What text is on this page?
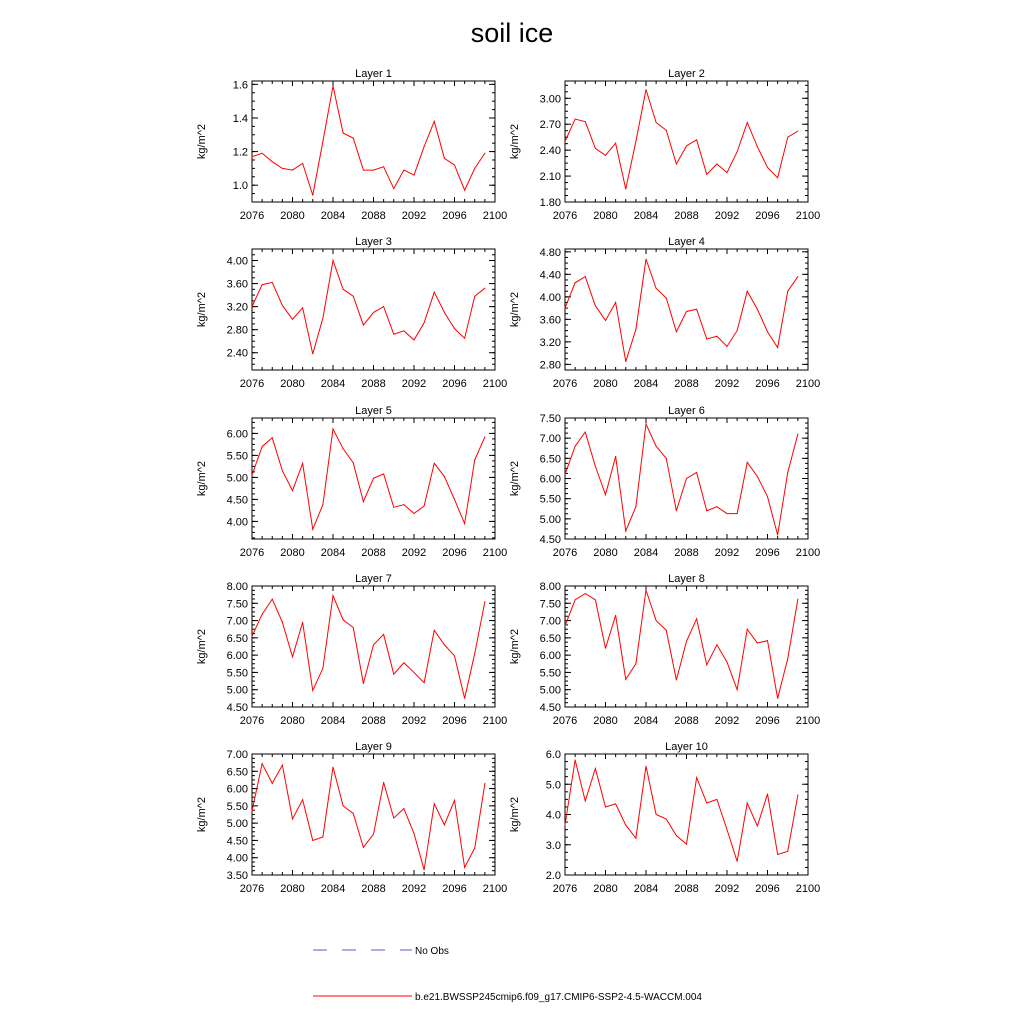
soil ice
Layer 1
kg/m^2
2076 2080 2084 2088 2092 2096 2100
1.0
1.2
1.4
1.6
Layer 2
kg/m^2
2076 2080 2084 2088 2092 2096 2100
1.80
2.10
2.40
2.70
3.00
Layer 3
kg/m^2
2076 2080 2084 2088 2092 2096 2100
2.40
2.80
3.20
3.60
4.00
Layer 4
kg/m^2
2076 2080 2084 2088 2092 2096 2100
2.80
3.20
3.60
4.00
4.40
4.80
Layer 5
kg/m^2
2076 2080 2084 2088 2092 2096 2100
4.00
4.50
5.00
5.50
6.00
Layer 6
kg/m^2
2076 2080 2084 2088 2092 2096 2100
4.50
5.00
5.50
6.00
6.50
7.00
7.50
Layer 7
kg/m^2
2076 2080 2084 2088 2092 2096 2100
4.50
5.00
5.50
6.00
6.50
7.00
7.50
8.00
Layer 8
kg/m^2
2076 2080 2084 2088 2092 2096 2100
4.50
5.00
5.50
6.00
6.50
7.00
7.50
8.00
Layer 9
kg/m^2
2076 2080 2084 2088 2092 2096 2100
3.50
4.00
4.50
5.00
5.50
6.00
6.50
7.00
Layer 10
kg/m^2
2076 2080 2084 2088 2092 2096 2100
2.0
3.0
4.0
5.0
6.0
No Obs
b.e21.BWSSP245cmip6.f09_g17.CMIP6-SSP2-4.5-WACCM.004
